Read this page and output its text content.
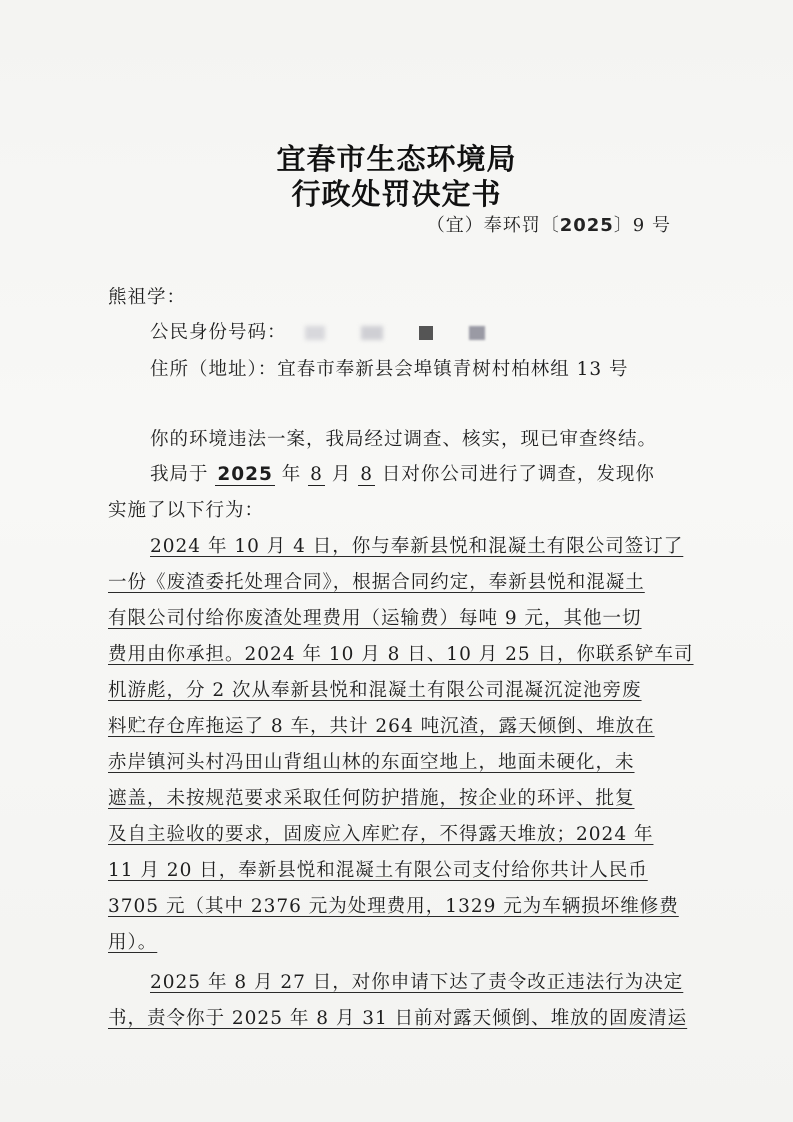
宜春市生态环境局
行政处罚决定书
（宜）奉环罚〔2025〕9 号
熊祖学：
公民身份号码：
住所（地址）：宜春市奉新县会埠镇青树村柏林组 13 号
你的环境违法一案，我局经过调查、核实，现已审查终结。
我局于 2025 年 8 月 8 日对你公司进行了调查，发现你
实施了以下行为：
2024 年 10 月 4 日，你与奉新县悦和混凝土有限公司签订了
一份《废渣委托处理合同》，根据合同约定，奉新县悦和混凝土
有限公司付给你废渣处理费用（运输费）每吨 9 元，其他一切
费用由你承担。2024 年 10 月 8 日、10 月 25 日，你联系铲车司
机游彪，分 2 次从奉新县悦和混凝土有限公司混凝沉淀池旁废
料贮存仓库拖运了 8 车，共计 264 吨沉渣，露天倾倒、堆放在
赤岸镇河头村冯田山背组山林的东面空地上，地面未硬化，未
遮盖，未按规范要求采取任何防护措施，按企业的环评、批复
及自主验收的要求，固废应入库贮存，不得露天堆放；2024 年
11 月 20 日，奉新县悦和混凝土有限公司支付给你共计人民币
3705 元（其中 2376 元为处理费用，1329 元为车辆损坏维修费
用）。
2025 年 8 月 27 日，对你申请下达了责令改正违法行为决定
书，责令你于 2025 年 8 月 31 日前对露天倾倒、堆放的固废清运
